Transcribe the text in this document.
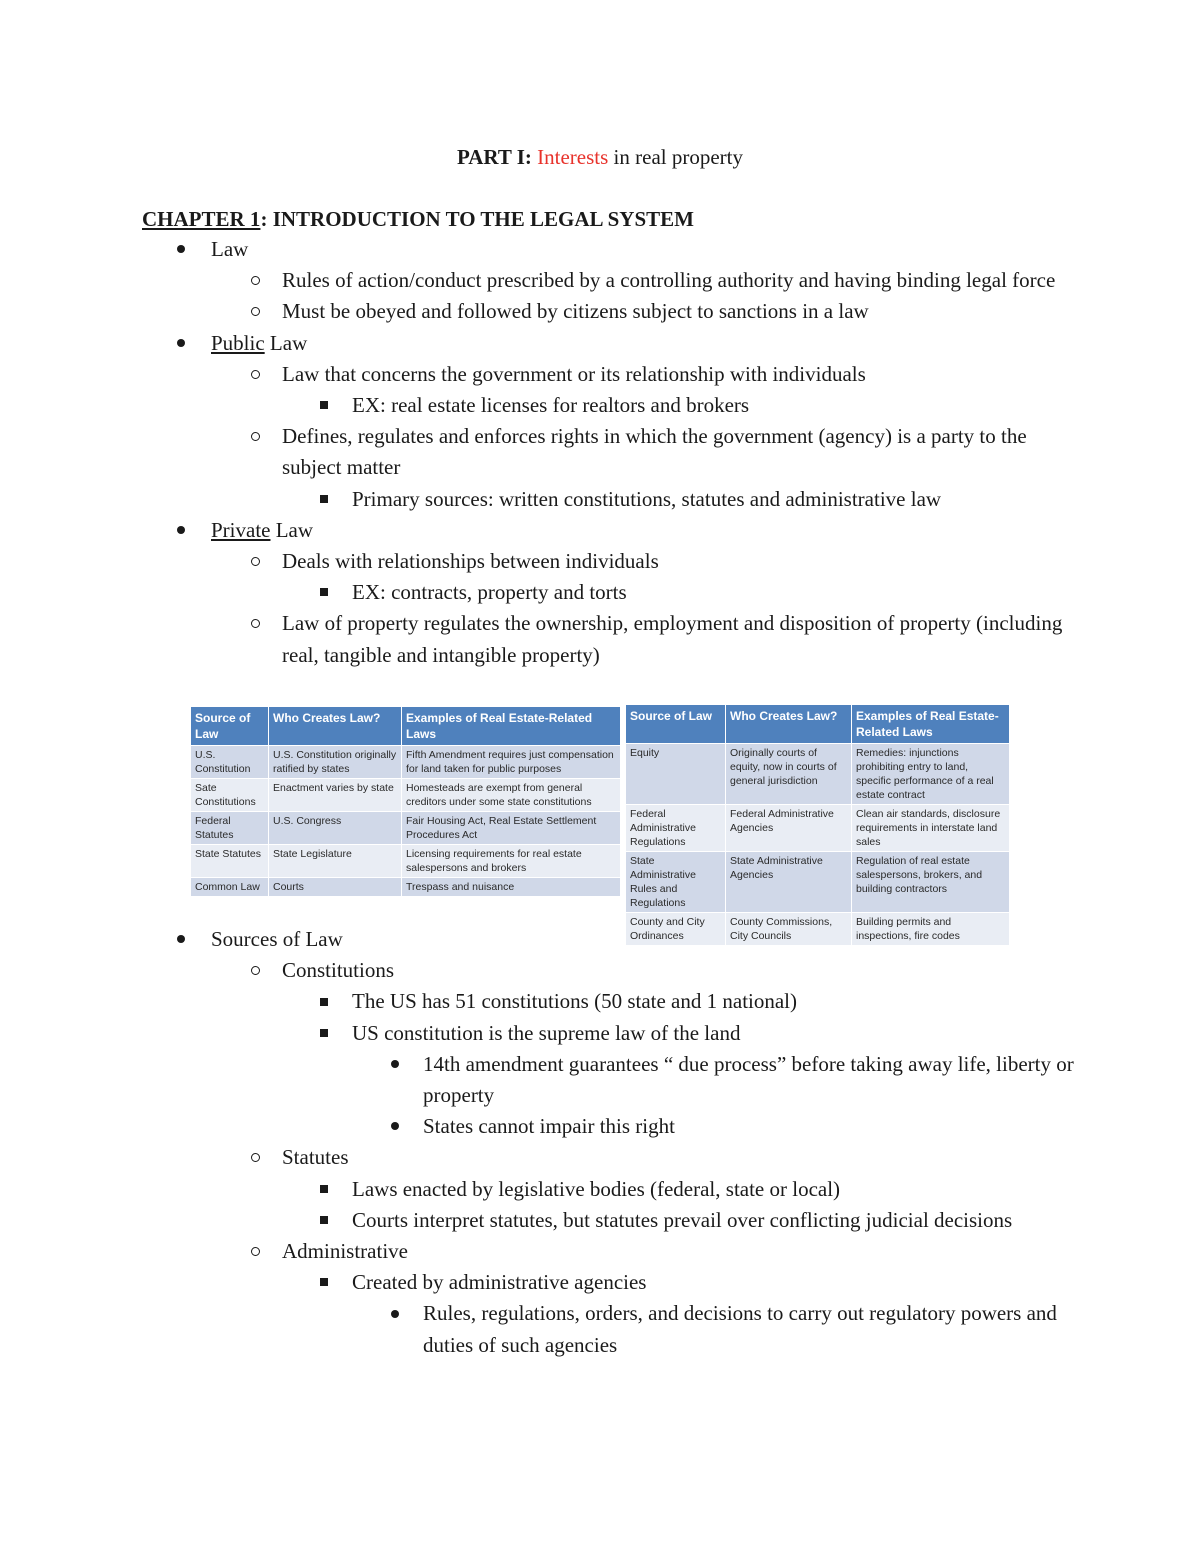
PART I: Interests in real property
CHAPTER 1: INTRODUCTION TO THE LEGAL SYSTEM
Law
Rules of action/conduct prescribed by a controlling authority and having binding legal force
Must be obeyed and followed by citizens subject to sanctions in a law
Public Law
Law that concerns the government or its relationship with individuals
EX: real estate licenses for realtors and brokers
Defines, regulates and enforces rights in which the government (agency) is a party to the subject matter
Primary sources: written constitutions, statutes and administrative law
Private Law
Deals with relationships between individuals
EX: contracts, property and torts
Law of property regulates the ownership, employment and disposition of property (including real, tangible and intangible property)
Source of Law	Who Creates Law?	Examples of Real Estate-Related Laws
U.S. Constitution	U.S. Constitution originally ratified by states	Fifth Amendment requires just compensation for land taken for public purposes
Sate Constitutions	Enactment varies by state	Homesteads are exempt from general creditors under some state constitutions
Federal Statutes	U.S. Congress	Fair Housing Act, Real Estate Settlement Procedures Act
State Statutes	State Legislature	Licensing requirements for real estate salespersons and brokers
Common Law	Courts	Trespass and nuisance
Source of Law	Who Creates Law?	Examples of Real Estate-Related Laws
Equity	Originally courts of equity, now in courts of general jurisdiction	Remedies: injunctions prohibiting entry to land, specific performance of a real estate contract
Federal Administrative Regulations	Federal Administrative Agencies	Clean air standards, disclosure requirements in interstate land sales
State Administrative Rules and Regulations	State Administrative Agencies	Regulation of real estate salespersons, brokers, and building contractors
County and City Ordinances	County Commissions, City Councils	Building permits and inspections, fire codes
Sources of Law
Constitutions
The US has 51 constitutions (50 state and 1 national)
US constitution is the supreme law of the land
14th amendment guarantees “ due process” before taking away life, liberty or property
States cannot impair this right
Statutes
Laws enacted by legislative bodies (federal, state or local)
Courts interpret statutes, but statutes prevail over conflicting judicial decisions
Administrative
Created by administrative agencies
Rules, regulations, orders, and decisions to carry out regulatory powers and duties of such agencies
